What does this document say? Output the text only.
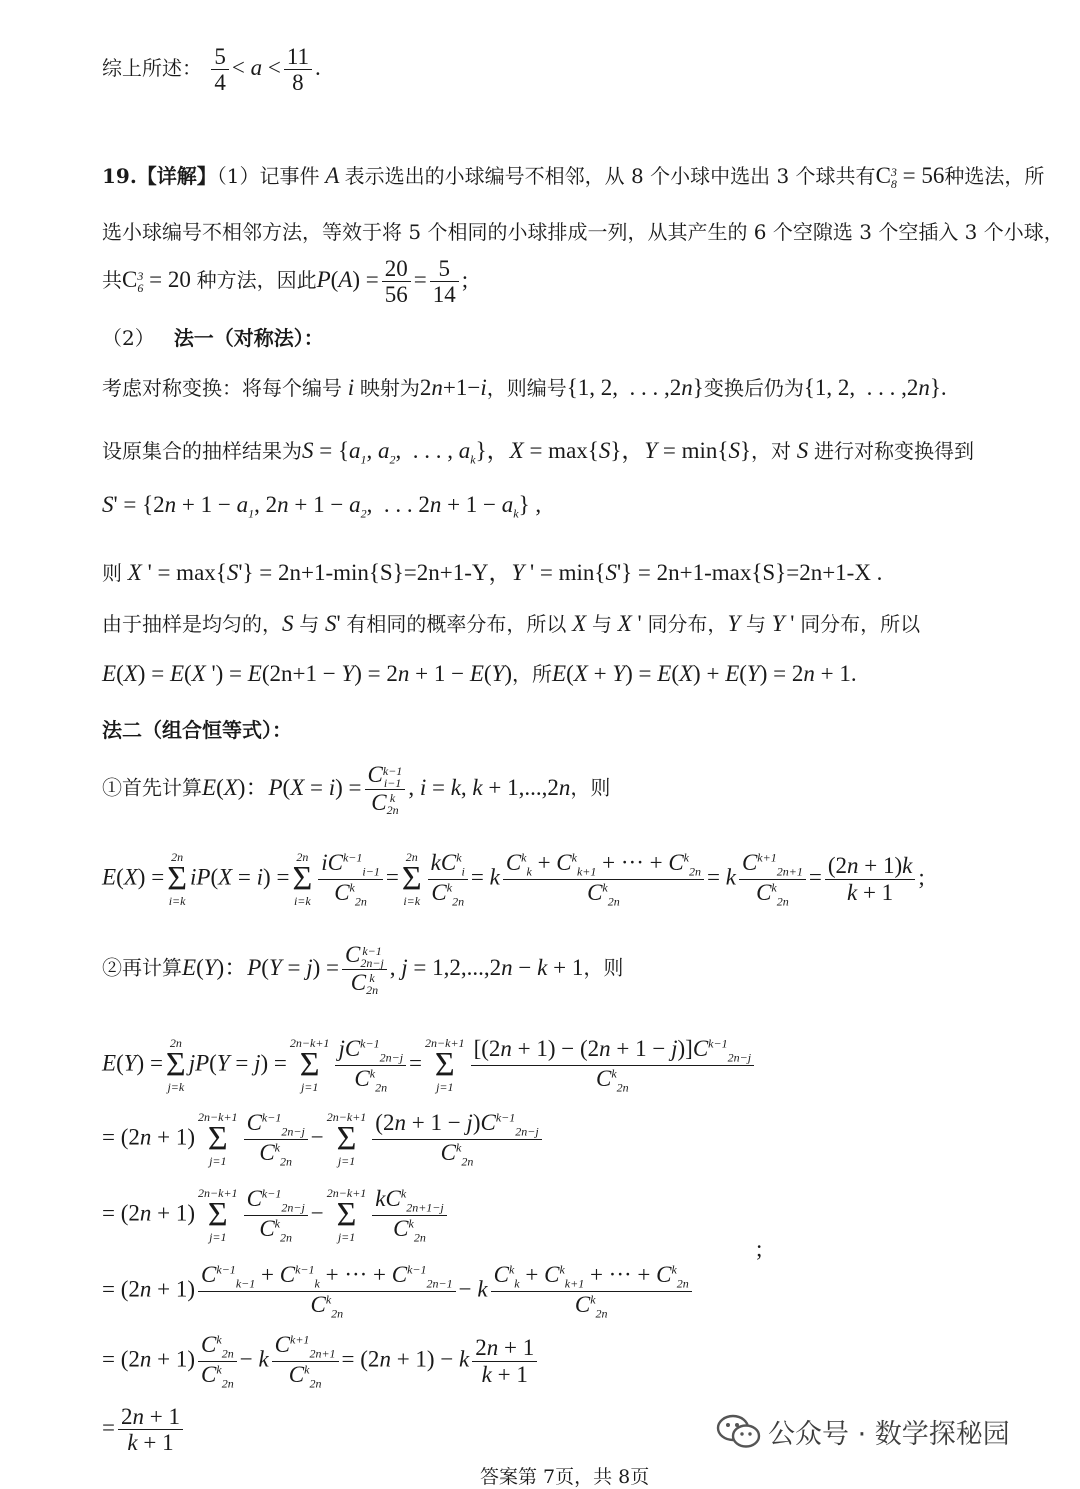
综上所述： $\frac{5}{4} < a < \frac{11}{8}$ .
19.【详解】（1）记事件 A 表示选出的小球编号不相邻，从 8 个小球中选出 3 个球共有C 3
8 = 56种选法，所
选小球编号不相邻方法，等效于将 5 个相同的小球排成一列，从其产生的 6 个空隙选 3 个空插入 3 个小球，
共C 3
6 = 20 种方法，因此$P(A) = \frac{20}{56} = \frac{5}{14}$ ;
（2） 法一（对称法）：
考虑对称变换：将每个编号 i 映射为2n+1−i，则编号{1, 2,  . . . ,2n}变换后仍为{1, 2,  . . . ,2n}.
设原集合的抽样结果为$S = \{a_1$, $a_2$,  . . . , $a_k$}，X = max{S}，Y = min{S}，对 S 进行对称变换得到
$S' = \{2n + 1 - a_1$, $2n + 1 - a_2$,  . . . $2n + 1 - a_k$} ,
则 X ' = max{S'} = 2n+1-min{S}=2n+1-Y，Y ' = min{S'} = 2n+1-max{S}=2n+1-X .
由于抽样是均匀的，S 与 S' 有相同的概率分布，所以 X 与 X ' 同分布，Y 与 Y ' 同分布，所以
E(X) = E(X ') = E(2n+1 − Y) = 2n + 1 − E(Y)，所E(X + Y) = E(X) + E(Y) = 2n + 1.
法二（组合恒等式）：
①首先计算E(X)：P(X = i) = C k−1
i−1
C k
2n , i = k, k + 1,...,2n，则
E(X) =
2n
Σ
i=k
iP(X = i) =
2n
Σ
$i=k \frac{iC^{k-1}_{i-1}}{C^k_{2n}}$ =
2n
Σ
$i=k \frac{kC^k_i}{C^k_{2n}} = k \frac{C^k_k + C^k_{k+1} + \cdot\cdot\cdot + C^k_{2n}}{C^k_{2n}} = k \frac{C^{k+1}_{2n+1}}{C^k_{2n}} = \frac{(2n + 1)k}{k + 1}$ ;
②再计算E(Y)：P(Y = j) = C k−1
2n−j
C k
2n , j = 1,2,...,2n − k + 1，则
E(Y) =
2n
Σ
j=k
jP(Y = j) =
2n−k+1
Σ
$j=1 \frac{jC^{k-1}_{2n-j}}{C^k_{2n}}$ =
2n−k+1
Σ
$j=1 \frac{[(2n + 1) - (2n + 1 - j)]C^{k-1}_{2n-j}}{C^k_{2n}}$
= (2n + 1)
2n−k+1
Σ
$j=1 \frac{C^{k-1}_{2n-j}}{C^k_{2n}}$ −
2n−k+1
Σ
$j=1 \frac{(2n + 1 - j)C^{k-1}_{2n-j}}{C^k_{2n}}$
= (2n + 1)
2n−k+1
Σ
$j=1 \frac{C^{k-1}_{2n-j}}{C^k_{2n}}$ −
2n−k+1
Σ
$j=1 \frac{kC^k_{2n+1-j}}{C^k_{2n}}$
;
= $(2n + 1) \frac{C^{k-1}_{k-1} + C^{k-1}_k + \cdot\cdot\cdot + C^{k-1}_{2n-1}}{C^k_{2n}} - k \frac{C^k_k + C^k_{k+1} + \cdot\cdot\cdot + C^k_{2n}}{C^k_{2n}}$
= $(2n + 1) \frac{C^k_{2n}}{C^k_{2n}} - k \frac{C^{k+1}_{2n+1}}{C^k_{2n}} = (2n + 1) - k \frac{2n + 1}{k + 1}$
= $\frac{2n + 1}{k + 1}$	公众号 · 数学探秘园
答案第 7页，共 8页
